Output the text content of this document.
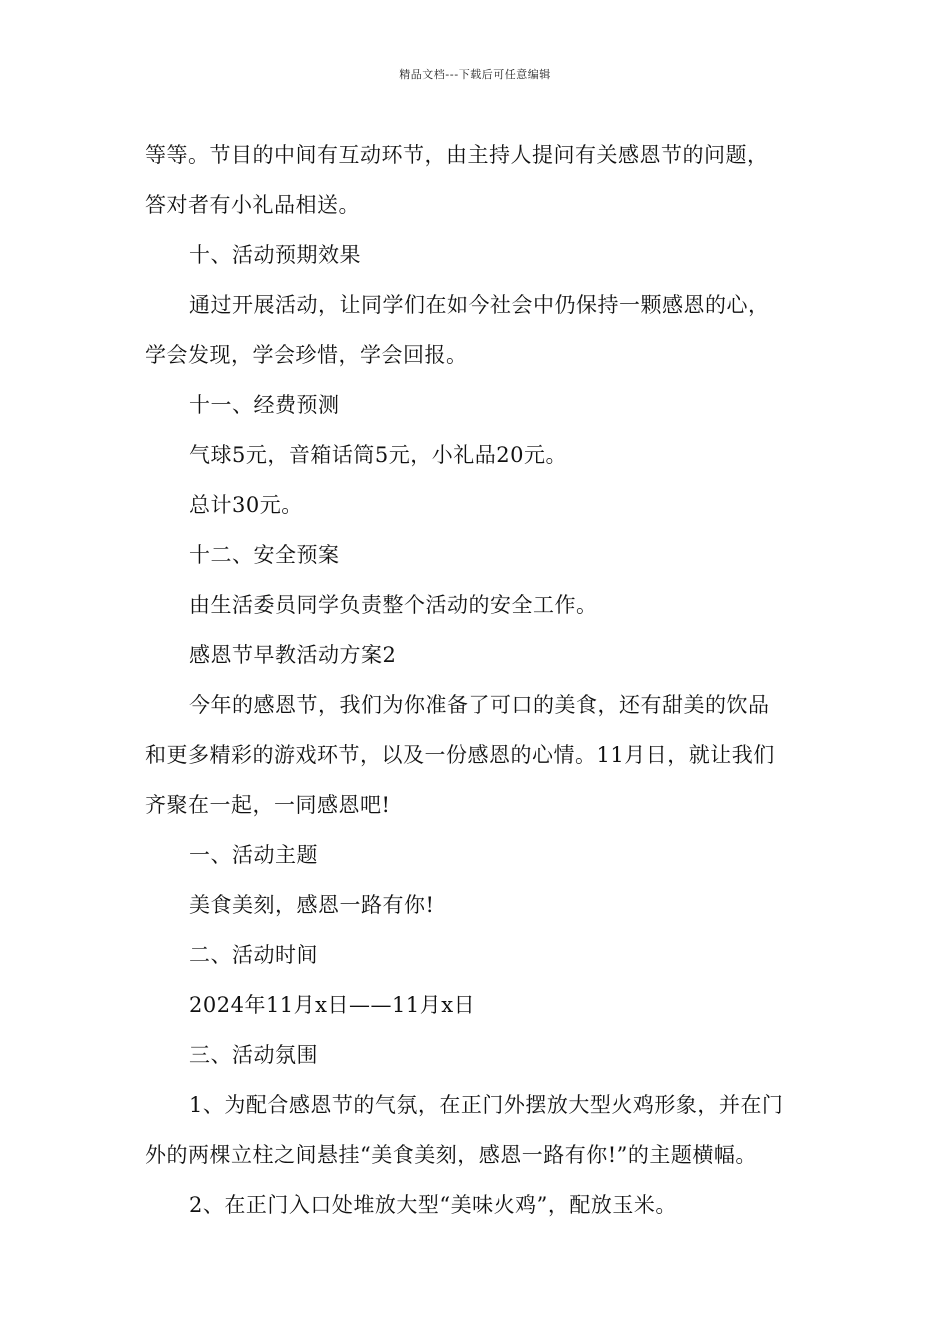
精品文档---下载后可任意编辑
等等。节目的中间有互动环节，由主持人提问有关感恩节的问题，
答对者有小礼品相送。
十、活动预期效果
通过开展活动，让同学们在如今社会中仍保持一颗感恩的心，
学会发现，学会珍惜，学会回报。
十一、经费预测
气球5元，音箱话筒5元，小礼品20元。
总计30元。
十二、安全预案
由生活委员同学负责整个活动的安全工作。
感恩节早教活动方案2
今年的感恩节，我们为你准备了可口的美食，还有甜美的饮品
和更多精彩的游戏环节，以及一份感恩的心情。11月日，就让我们
齐聚在一起，一同感恩吧!
一、活动主题
美食美刻，感恩一路有你!
二、活动时间
2024年11月x日——11月x日
三、活动氛围
1、为配合感恩节的气氛，在正门外摆放大型火鸡形象，并在门
外的两棵立柱之间悬挂“美食美刻，感恩一路有你!”的主题横幅。
2、在正门入口处堆放大型“美味火鸡”，配放玉米。
